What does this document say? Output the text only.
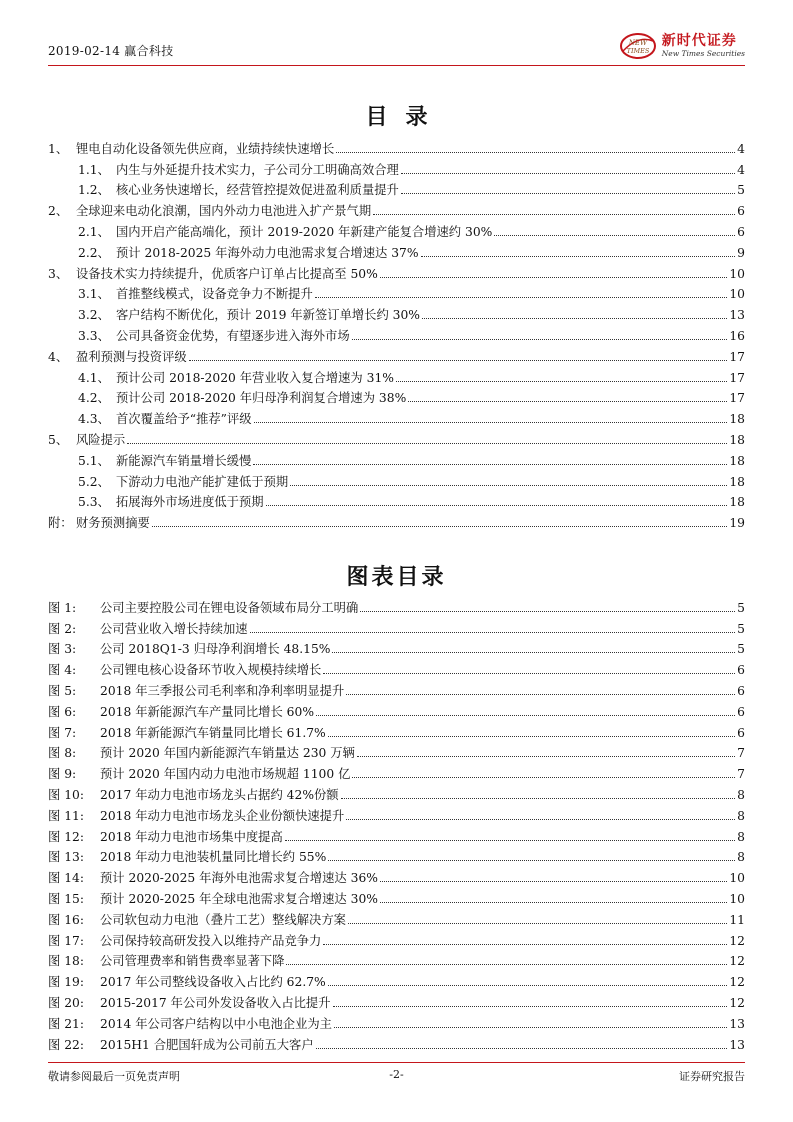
2019-02-14 赢合科技
NEW
TIMES
新时代证券
New Times Securities
目录
1、 锂电自动化设备领先供应商，业绩持续快速增长	4
1.1、 内生与外延提升技术实力，子公司分工明确高效合理	4
1.2、 核心业务快速增长，经营管控提效促进盈利质量提升	5
2、 全球迎来电动化浪潮，国内外动力电池进入扩产景气期	6
2.1、 国内开启产能高端化，预计 2019-2020 年新建产能复合增速约 30%	6
2.2、 预计 2018-2025 年海外动力电池需求复合增速达 37%	9
3、 设备技术实力持续提升，优质客户订单占比提高至 50%	10
3.1、 首推整线模式，设备竞争力不断提升	10
3.2、 客户结构不断优化，预计 2019 年新签订单增长约 30%	13
3.3、 公司具备资金优势，有望逐步进入海外市场	16
4、 盈利预测与投资评级	17
4.1、 预计公司 2018-2020 年营业收入复合增速为 31%	17
4.2、 预计公司 2018-2020 年归母净利润复合增速为 38%	17
4.3、 首次覆盖给予“推荐”评级	18
5、 风险提示	18
5.1、 新能源汽车销量增长缓慢	18
5.2、 下游动力电池产能扩建低于预期	18
5.3、 拓展海外市场进度低于预期	18
附： 财务预测摘要	19
图表目录
图 1:	公司主要控股公司在锂电设备领域布局分工明确	5
图 2:	公司营业收入增长持续加速	5
图 3:	公司 2018Q1-3 归母净利润增长 48.15%	5
图 4:	公司锂电核心设备环节收入规模持续增长	6
图 5:	2018 年三季报公司毛利率和净利率明显提升	6
图 6:	2018 年新能源汽车产量同比增长 60%	6
图 7:	2018 年新能源汽车销量同比增长 61.7%	6
图 8:	预计 2020 年国内新能源汽车销量达 230 万辆	7
图 9:	预计 2020 年国内动力电池市场规超 1100 亿	7
图 10:	2017 年动力电池市场龙头占据约 42%份额	8
图 11:	2018 年动力电池市场龙头企业份额快速提升	8
图 12:	2018 年动力电池市场集中度提高	8
图 13:	2018 年动力电池装机量同比增长约 55%	8
图 14:	预计 2020-2025 年海外电池需求复合增速达 36%	10
图 15:	预计 2020-2025 年全球电池需求复合增速达 30%	10
图 16:	公司软包动力电池（叠片工艺）整线解决方案	11
图 17:	公司保持较高研发投入以维持产品竞争力	12
图 18:	公司管理费率和销售费率显著下降	12
图 19:	2017 年公司整线设备收入占比约 62.7%	12
图 20:	2015-2017 年公司外发设备收入占比提升	12
图 21:	2014 年公司客户结构以中小电池企业为主	13
图 22:	2015H1 合肥国轩成为公司前五大客户	13
敬请参阅最后一页免责声明	-2-	证券研究报告
